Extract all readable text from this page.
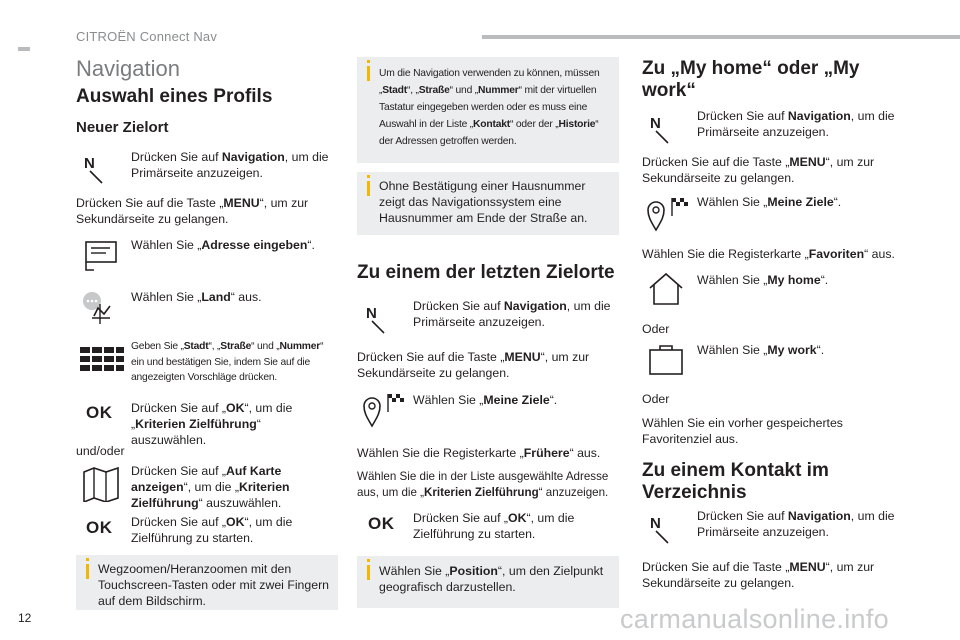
CITROËN Connect Nav
Navigation
Auswahl eines Profils
Neuer Zielort
N	Drücken Sie auf Navigation, um die Primärseite anzuzeigen.
Drücken Sie auf die Taste „MENU“, um zur Sekundärseite zu gelangen.
Wählen Sie „Adresse eingeben“.
Wählen Sie „Land“ aus.
Geben Sie „Stadt“, „Straße“ und „Nummer“ ein und bestätigen Sie, indem Sie auf die angezeigten Vorschläge drücken.
OK Drücken Sie auf „OK“, um die „Kriterien Zielführung“ auszuwählen.
und/oder
Drücken Sie auf „Auf Karte anzeigen“, um die „Kriterien Zielführung“ auszuwählen.
OK Drücken Sie auf „OK“, um die Zielführung zu starten.
Wegzoomen/Heranzoomen mit den Touchscreen-Tasten oder mit zwei Fingern auf dem Bildschirm.
Um die Navigation verwenden zu können, müssen „Stadt“, „Straße“ und „Nummer“ mit der virtuellen Tastatur eingegeben werden oder es muss eine Auswahl in der Liste „Kontakt“ oder der „Historie“ der Adressen getroffen werden.
Ohne Bestätigung einer Hausnummer zeigt das Navigationssystem eine Hausnummer am Ende der Straße an.
Zu einem der letzten Zielorte
N	Drücken Sie auf Navigation, um die Primärseite anzuzeigen.
Drücken Sie auf die Taste „MENU“, um zur Sekundärseite zu gelangen.
Wählen Sie „Meine Ziele“.
Wählen Sie die Registerkarte „Frühere“ aus.
Wählen Sie die in der Liste ausgewählte Adresse aus, um die „Kriterien Zielführung“ anzuzeigen.
OK Drücken Sie auf „OK“, um die Zielführung zu starten.
Wählen Sie „Position“, um den Zielpunkt geografisch darzustellen.
Zu „My home“ oder „My
work“
N	Drücken Sie auf Navigation, um die Primärseite anzuzeigen.
Drücken Sie auf die Taste „MENU“, um zur Sekundärseite zu gelangen.
Wählen Sie „Meine Ziele“.
Wählen Sie die Registerkarte „Favoriten“ aus.
Wählen Sie „My home“.
Oder
Wählen Sie „My work“.
Oder
Wählen Sie ein vorher gespeichertes Favoritenziel aus.
Zu einem Kontakt im
Verzeichnis
N	Drücken Sie auf Navigation, um die Primärseite anzuzeigen.
Drücken Sie auf die Taste „MENU“, um zur Sekundärseite zu gelangen.
12	carmanualsonline.info
